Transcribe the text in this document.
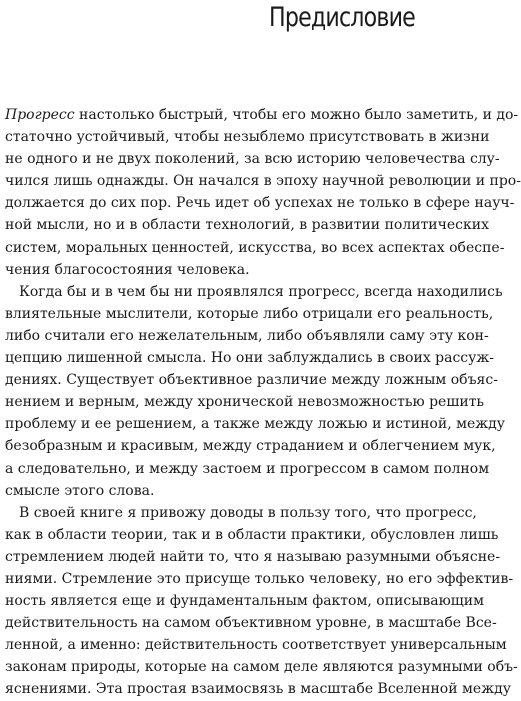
Предисловие
Прогресс настолько быстрый, чтобы его можно было заметить, и до-
статочно устойчивый, чтобы незыблемо присутствовать в жизни
не одного и не двух поколений, за всю историю человечества слу-
чился лишь однажды. Он начался в эпоху научной революции и про-
должается до сих пор. Речь идет об успехах не только в сфере науч-
ной мысли, но и в области технологий, в развитии политических
систем, моральных ценностей, искусства, во всех аспектах обеспе-
чения благосостояния человека.
Когда бы и в чем бы ни проявлялся прогресс, всегда находились
влиятельные мыслители, которые либо отрицали его реальность,
либо считали его нежелательным, либо объявляли саму эту кон-
цепцию лишенной смысла. Но они заблуждались в своих рассуж-
дениях. Существует объективное различие между ложным объяс-
нением и верным, между хронической невозможностью решить
проблему и ее решением, а также между ложью и истиной, между
безобразным и красивым, между страданием и облегчением мук,
а следовательно, и между застоем и прогрессом в самом полном
смысле этого слова.
В своей книге я привожу доводы в пользу того, что прогресс,
как в области теории, так и в области практики, обусловлен лишь
стремлением людей найти то, что я называю разумными объясне-
ниями. Стремление это присуще только человеку, но его эффектив-
ность является еще и фундаментальным фактом, описывающим
действительность на самом объективном уровне, в масштабе Все-
ленной, а именно: действительность соответствует универсальным
законам природы, которые на самом деле являются разумными объ-
яснениями. Эта простая взаимосвязь в масштабе Вселенной между
